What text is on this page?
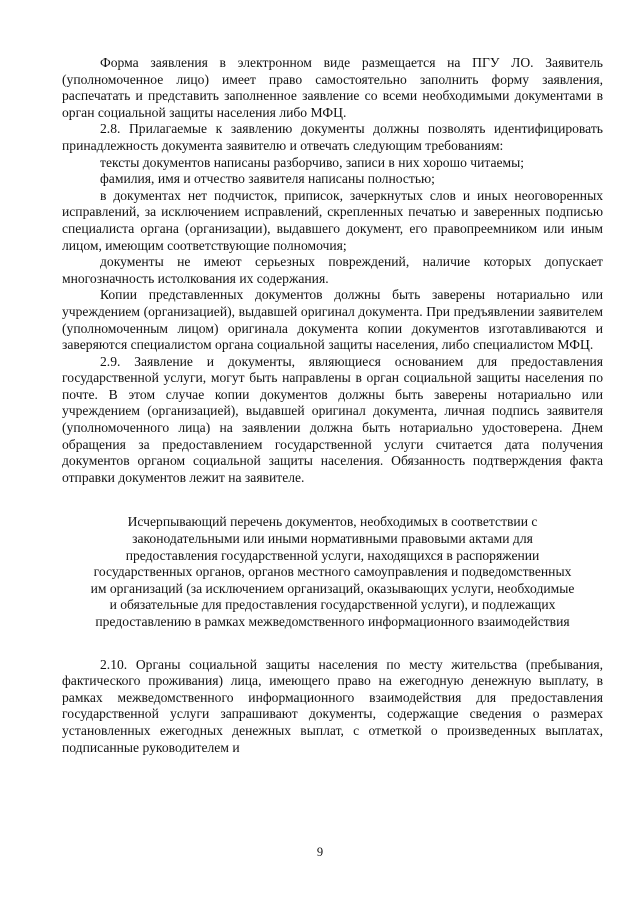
Форма заявления в электронном виде размещается на ПГУ ЛО. Заявитель (уполномоченное лицо) имеет право самостоятельно заполнить форму заявления, распечатать и представить заполненное заявление со всеми необходимыми документами в орган социальной защиты населения либо МФЦ.

2.8. Прилагаемые к заявлению документы должны позволять идентифицировать принадлежность документа заявителю и отвечать следующим требованиям:

тексты документов написаны разборчиво, записи в них хорошо читаемы;

фамилия, имя и отчество заявителя написаны полностью;

в документах нет подчисток, приписок, зачеркнутых слов и иных неоговоренных исправлений, за исключением исправлений, скрепленных печатью и заверенных подписью специалиста органа (организации), выдавшего документ, его правопреемником или иным лицом, имеющим соответствующие полномочия;

документы не имеют серьезных повреждений, наличие которых допускает многозначность истолкования их содержания.

Копии представленных документов должны быть заверены нотариально или учреждением (организацией), выдавшей оригинал документа. При предъявлении заявителем (уполномоченным лицом) оригинала документа копии документов изготавливаются и заверяются специалистом органа социальной защиты населения, либо специалистом МФЦ.

2.9. Заявление и документы, являющиеся основанием для предоставления государственной услуги, могут быть направлены в орган социальной защиты населения по почте. В этом случае копии документов должны быть заверены нотариально или учреждением (организацией), выдавшей оригинал документа, личная подпись заявителя (уполномоченного лица) на заявлении должна быть нотариально удостоверена. Днем обращения за предоставлением государственной услуги считается дата получения документов органом социальной защиты населения. Обязанность подтверждения факта отправки документов лежит на заявителе.

Исчерпывающий перечень документов, необходимых в соответствии с
законодательными или иными нормативными правовыми актами для
предоставления государственной услуги, находящихся в распоряжении
государственных органов, органов местного самоуправления и подведомственных
им организаций (за исключением организаций, оказывающих услуги, необходимые
и обязательные для предоставления государственной услуги), и подлежащих
предоставлению в рамках межведомственного информационного взаимодействия

2.10. Органы социальной защиты населения по месту жительства (пребывания, фактического проживания) лица, имеющего право на ежегодную денежную выплату, в рамках межведомственного информационного взаимодействия для предоставления государственной услуги запрашивают документы, содержащие сведения о размерах установленных ежегодных денежных выплат, с отметкой о произведенных выплатах, подписанные руководителем и

9
